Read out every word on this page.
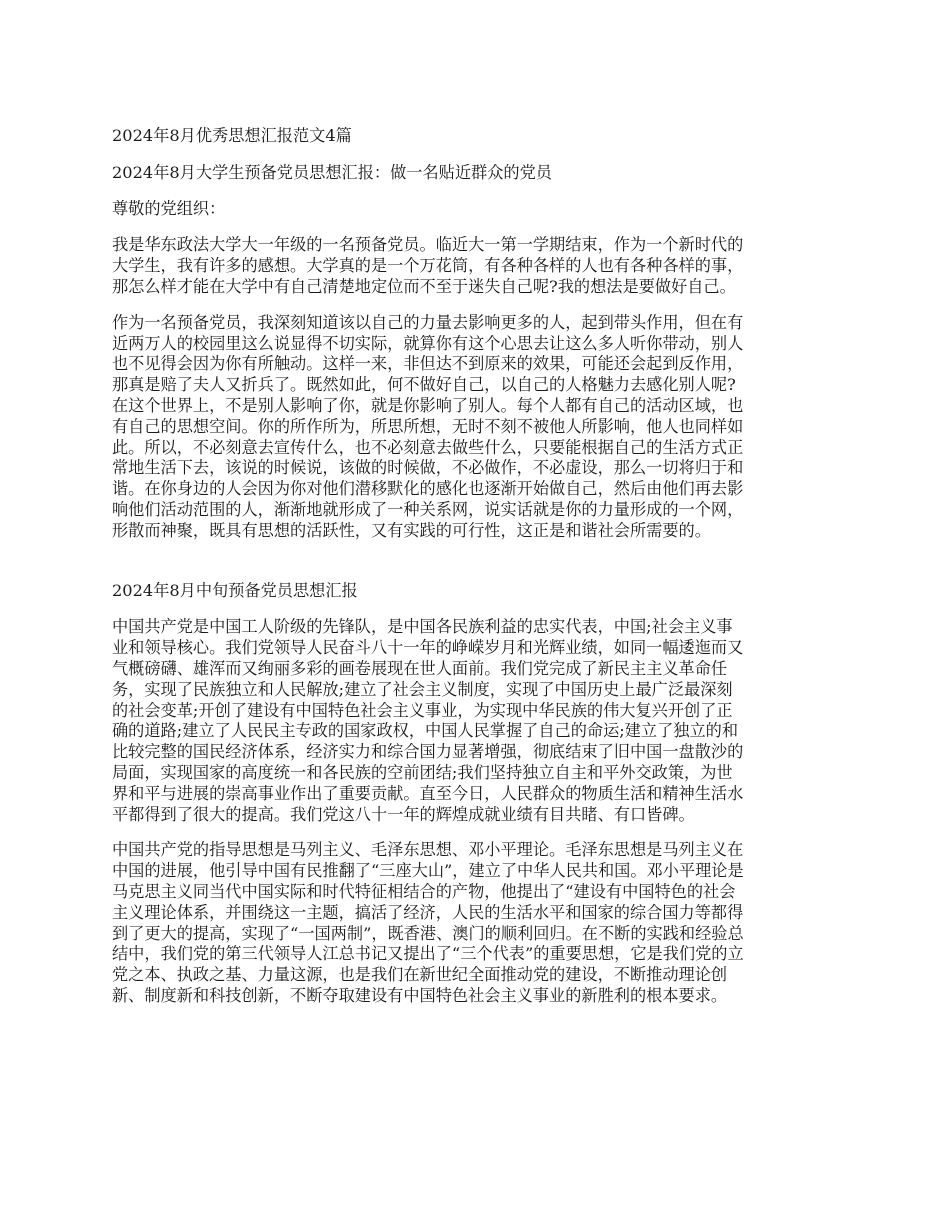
2024年8月优秀思想汇报范文4篇

2024年8月大学生预备党员思想汇报：做一名贴近群众的党员

尊敬的党组织：

我是华东政法大学大一年级的一名预备党员。临近大一第一学期结束，作为一个新时代的

大学生，我有许多的感想。大学真的是一个万花筒，有各种各样的人也有各种各样的事，

那怎么样才能在大学中有自己清楚地定位而不至于迷失自己呢?我的想法是要做好自己。

作为一名预备党员，我深刻知道该以自己的力量去影响更多的人，起到带头作用，但在有

近两万人的校园里这么说显得不切实际，就算你有这个心思去让这么多人听你带动，别人

也不见得会因为你有所触动。这样一来，非但达不到原来的效果，可能还会起到反作用，

那真是赔了夫人又折兵了。既然如此，何不做好自己，以自己的人格魅力去感化别人呢?

在这个世界上，不是别人影响了你，就是你影响了别人。每个人都有自己的活动区域，也

有自己的思想空间。你的所作所为，所思所想，无时不刻不被他人所影响，他人也同样如

此。所以，不必刻意去宣传什么，也不必刻意去做些什么，只要能根据自己的生活方式正

常地生活下去，该说的时候说，该做的时候做，不必做作，不必虚设，那么一切将归于和

谐。在你身边的人会因为你对他们潜移默化的感化也逐渐开始做自己，然后由他们再去影

响他们活动范围的人，渐渐地就形成了一种关系网，说实话就是你的力量形成的一个网，

形散而神聚，既具有思想的活跃性，又有实践的可行性，这正是和谐社会所需要的。

2024年8月中旬预备党员思想汇报

中国共产党是中国工人阶级的先锋队，是中国各民族利益的忠实代表，中国;社会主义事

业和领导核心。我们党领导人民奋斗八十一年的峥嵘岁月和光辉业绩，如同一幅逶迤而又

气概磅礴、雄浑而又绚丽多彩的画卷展现在世人面前。我们党完成了新民主主义革命任

务，实现了民族独立和人民解放;建立了社会主义制度，实现了中国历史上最广泛最深刻

的社会变革;开创了建设有中国特色社会主义事业，为实现中华民族的伟大复兴开创了正

确的道路;建立了人民民主专政的国家政权，中国人民掌握了自己的命运;建立了独立的和

比较完整的国民经济体系，经济实力和综合国力显著增强，彻底结束了旧中国一盘散沙的

局面，实现国家的高度统一和各民族的空前团结;我们坚持独立自主和平外交政策，为世

界和平与进展的崇高事业作出了重要贡献。直至今日，人民群众的物质生活和精神生活水

平都得到了很大的提高。我们党这八十一年的辉煌成就业绩有目共睹、有口皆碑。

中国共产党的指导思想是马列主义、毛泽东思想、邓小平理论。毛泽东思想是马列主义在

中国的进展，他引导中国有民推翻了“三座大山”，建立了中华人民共和国。邓小平理论是

马克思主义同当代中国实际和时代特征相结合的产物，他提出了“建设有中国特色的社会

主义理论体系，并围绕这一主题，搞活了经济，人民的生活水平和国家的综合国力等都得

到了更大的提高，实现了“一国两制”，既香港、澳门的顺利回归。在不断的实践和经验总

结中，我们党的第三代领导人江总书记又提出了“三个代表”的重要思想，它是我们党的立

党之本、执政之基、力量这源，也是我们在新世纪全面推动党的建设，不断推动理论创

新、制度新和科技创新，不断夺取建设有中国特色社会主义事业的新胜利的根本要求。
